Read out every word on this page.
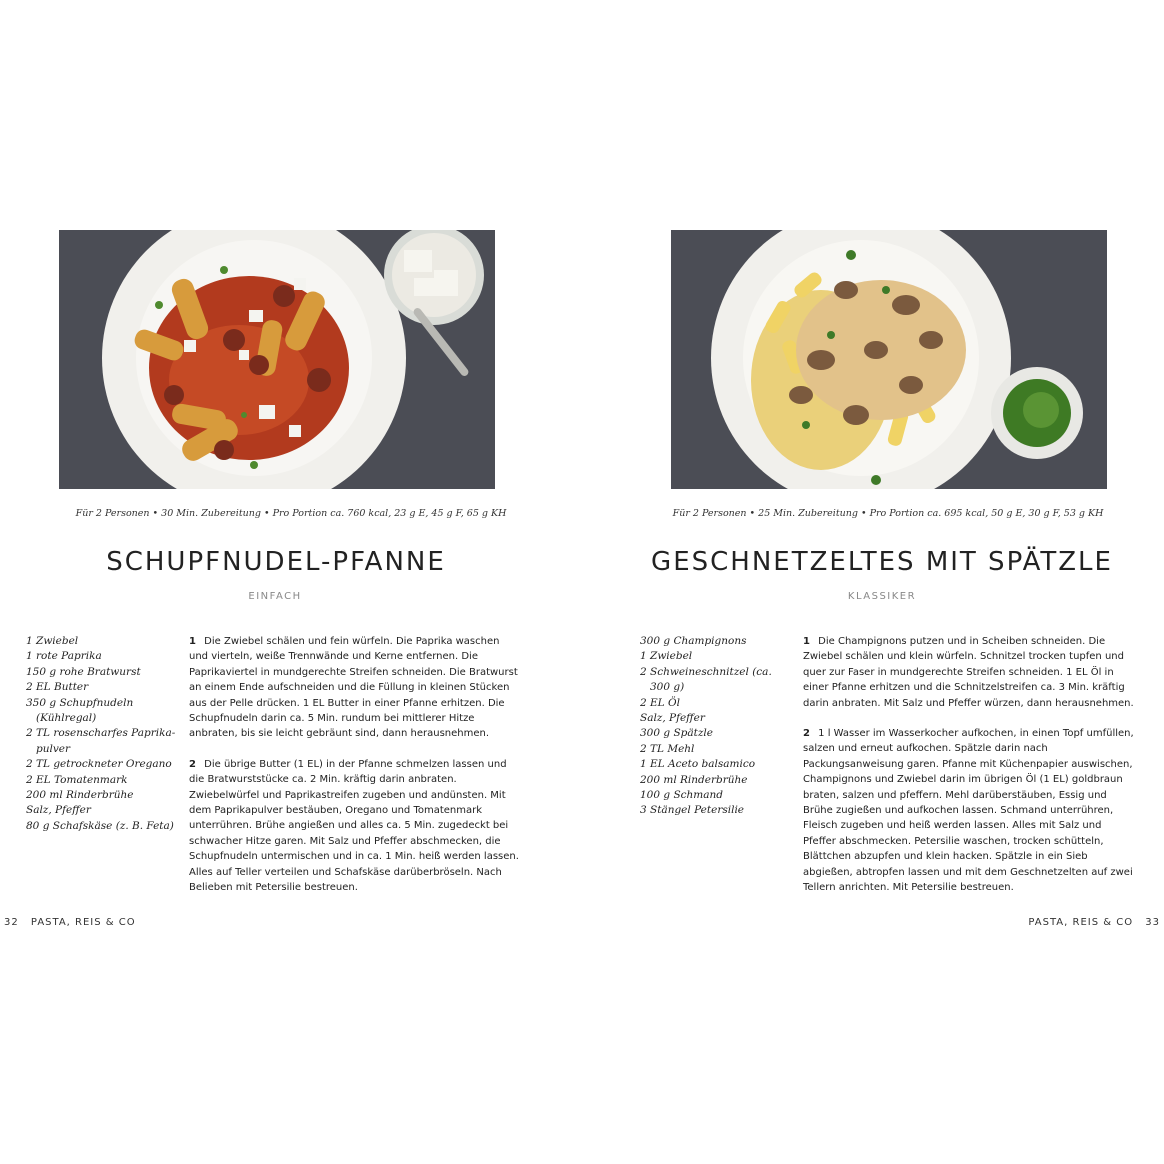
Für 2 Personen • 30 Min. Zubereitung • Pro Portion ca. 760 kcal, 23 g E, 45 g F, 65 g KH
SCHUPFNUDEL-PFANNE
EINFACH
1 Zwiebel
1 rote Paprika
150 g rohe Bratwurst
2 EL Butter
350 g Schupfnudeln (Kühlregal)
2 TL rosenscharfes Paprika-pulver
2 TL getrockneter Oregano
2 EL Tomatenmark
200 ml Rinderbrühe
Salz, Pfeffer
80 g Schafskäse (z. B. Feta)

1 Die Zwiebel schälen und fein würfeln. Die Paprika waschen und vierteln, weiße Trennwände und Kerne entfernen. Die Paprikaviertel in mundgerechte Streifen schneiden. Die Bratwurst an einem Ende aufschneiden und die Füllung in kleinen Stücken aus der Pelle drücken. 1 EL Butter in einer Pfanne erhitzen. Die Schupfnudeln darin ca. 5 Min. rundum bei mittlerer Hitze anbraten, bis sie leicht gebräunt sind, dann herausnehmen.

2 Die übrige Butter (1 EL) in der Pfanne schmelzen lassen und die Bratwurststücke ca. 2 Min. kräftig darin anbraten. Zwiebelwürfel und Paprikastreifen zugeben und andünsten. Mit dem Paprikapulver bestäuben, Oregano und Tomatenmark unterrühren. Brühe angießen und alles ca. 5 Min. zugedeckt bei schwacher Hitze garen. Mit Salz und Pfeffer abschmecken, die Schupfnudeln untermischen und in ca. 1 Min. heiß werden lassen. Alles auf Teller verteilen und Schafskäse darüberbröseln. Nach Belieben mit Petersilie bestreuen.

32 PASTA, REIS & CO
Für 2 Personen • 25 Min. Zubereitung • Pro Portion ca. 695 kcal, 50 g E, 30 g F, 53 g KH
GESCHNETZELTES MIT SPÄTZLE
KLASSIKER
300 g Champignons
1 Zwiebel
2 Schweineschnitzel (ca. 300 g)
2 EL Öl
Salz, Pfeffer
300 g Spätzle
2 TL Mehl
1 EL Aceto balsamico
200 ml Rinderbrühe
100 g Schmand
3 Stängel Petersilie

1 Die Champignons putzen und in Scheiben schneiden. Die Zwiebel schälen und klein würfeln. Schnitzel trocken tupfen und quer zur Faser in mundgerechte Streifen schneiden. 1 EL Öl in einer Pfanne erhitzen und die Schnitzelstreifen ca. 3 Min. kräftig darin anbraten. Mit Salz und Pfeffer würzen, dann herausnehmen.

2 1 l Wasser im Wasserkocher aufkochen, in einen Topf umfüllen, salzen und erneut aufkochen. Spätzle darin nach Packungsanweisung garen. Pfanne mit Küchenpapier auswischen, Champignons und Zwiebel darin im übrigen Öl (1 EL) goldbraun braten, salzen und pfeffern. Mehl darüberstäuben, Essig und Brühe zugießen und aufkochen lassen. Schmand unterrühren, Fleisch zugeben und heiß werden lassen. Alles mit Salz und Pfeffer abschmecken. Petersilie waschen, trocken schütteln, Blättchen abzupfen und klein hacken. Spätzle in ein Sieb abgießen, abtropfen lassen und mit dem Geschnetzelten auf zwei Tellern anrichten. Mit Petersilie bestreuen.

PASTA, REIS & CO 33
